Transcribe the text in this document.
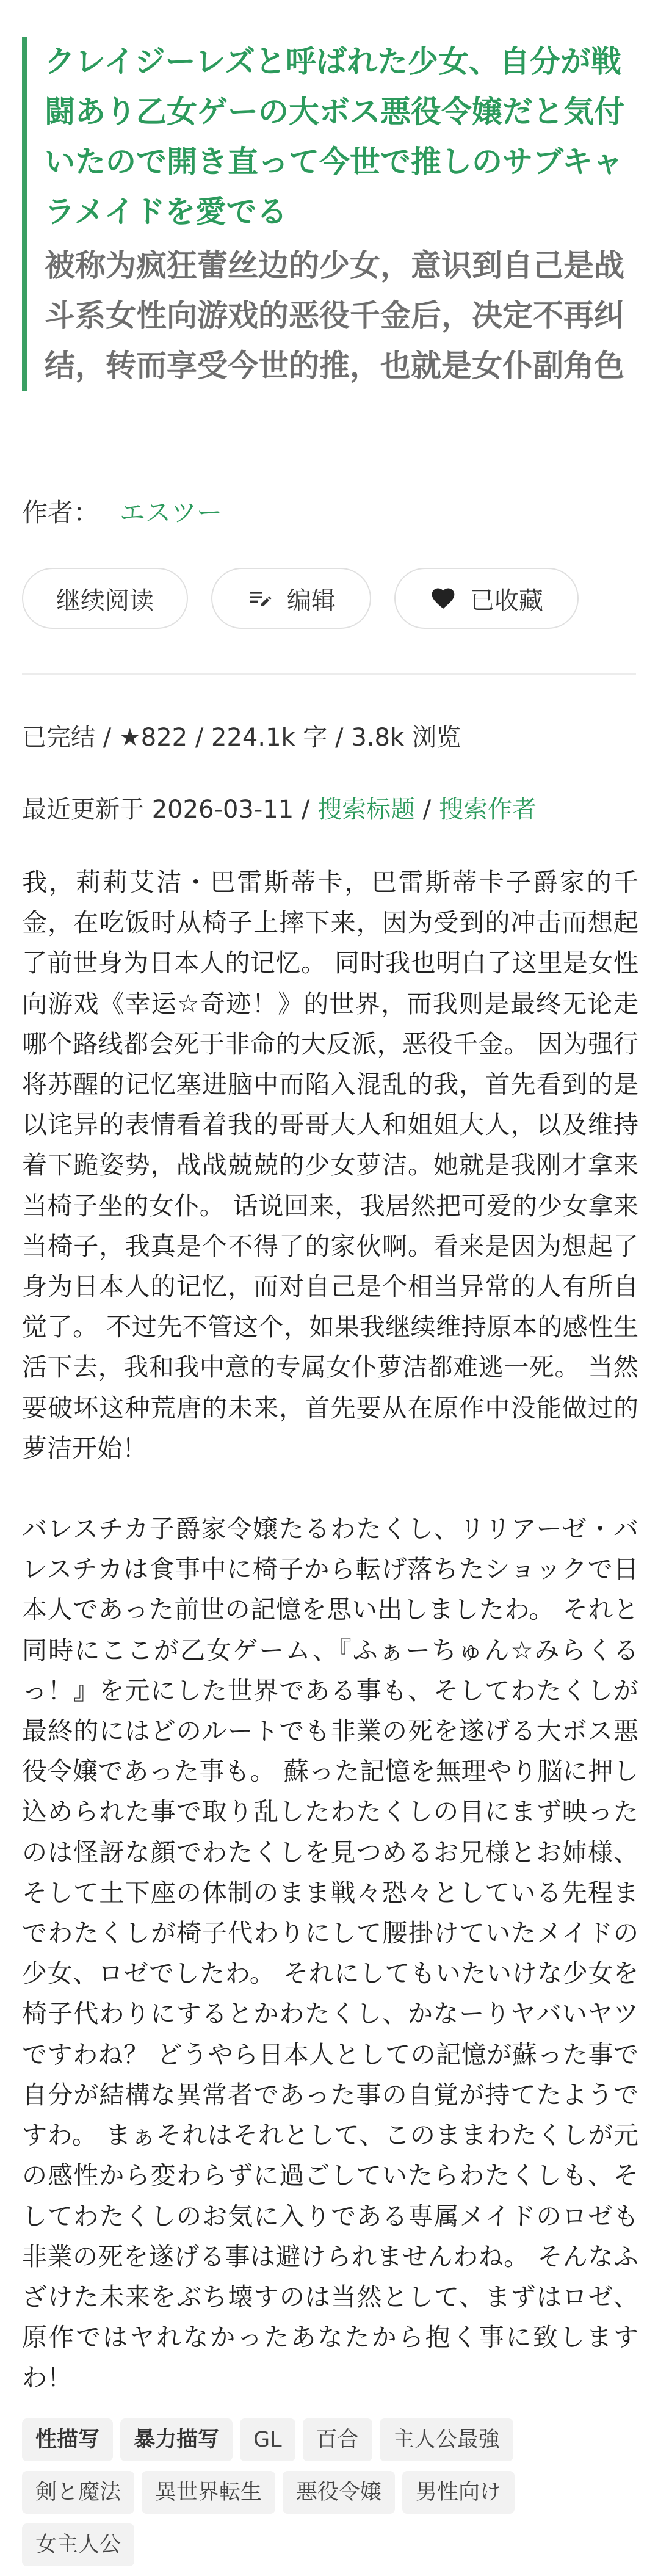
クレイジーレズと呼ばれた少女、自分が戦闘あり乙女ゲーの大ボス悪役令嬢だと気付いたので開き直って今世で推しのサブキャラメイドを愛でる
被称为疯狂蕾丝边的少女，意识到自己是战斗系女性向游戏的恶役千金后，决定不再纠结，转而享受今世的推，也就是女仆副角色
作者： エスツー
继续阅读	编辑	已收藏
已完结 / ★822 / 224.1k 字 / 3.8k 浏览
最近更新于 2026-03-11 / 搜索标题 / 搜索作者

我，莉莉艾洁・巴雷斯蒂卡，巴雷斯蒂卡子爵家的千金，在吃饭时从椅子上摔下来，因为受到的冲击而想起了前世身为日本人的记忆。 同时我也明白了这里是女性向游戏《幸运☆奇迹！》的世界，而我则是最终无论走哪个路线都会死于非命的大反派，恶役千金。 因为强行将苏醒的记忆塞进脑中而陷入混乱的我，首先看到的是以诧异的表情看着我的哥哥大人和姐姐大人，以及维持着下跪姿势，战战兢兢的少女萝洁。她就是我刚才拿来当椅子坐的女仆。 话说回来，我居然把可爱的少女拿来当椅子，我真是个不得了的家伙啊。看来是因为想起了身为日本人的记忆，而对自己是个相当异常的人有所自觉了。 不过先不管这个，如果我继续维持原本的感性生活下去，我和我中意的专属女仆萝洁都难逃一死。 当然要破坏这种荒唐的未来，首先要从在原作中没能做过的萝洁开始！

バレスチカ子爵家令嬢たるわたくし、リリアーゼ・バレスチカは食事中に椅子から転げ落ちたショックで日本人であった前世の記憶を思い出しましたわ。 それと同時にここが乙女ゲーム、『ふぁーちゅん☆みらくるっ！』を元にした世界である事も、そしてわたくしが最終的にはどのルートでも非業の死を遂げる大ボス悪役令嬢であった事も。 蘇った記憶を無理やり脳に押し込められた事で取り乱したわたくしの目にまず映ったのは怪訝な顔でわたくしを見つめるお兄様とお姉様、そして土下座の体制のまま戦々恐々としている先程までわたくしが椅子代わりにして腰掛けていたメイドの少女、ロゼでしたわ。 それにしてもいたいけな少女を椅子代わりにするとかわたくし、かなーりヤバいヤツですわね？ どうやら日本人としての記憶が蘇った事で自分が結構な異常者であった事の自覚が持てたようですわ。 まぁそれはそれとして、このままわたくしが元の感性から変わらずに過ごしていたらわたくしも、そしてわたくしのお気に入りである専属メイドのロゼも非業の死を遂げる事は避けられませんわね。 そんなふざけた未来をぶち壊すのは当然として、まずはロゼ、原作ではヤれなかったあなたから抱く事に致しますわ！

性描写 暴力描写 GL 百合 主人公最強剣と魔法 異世界転生 悪役令嬢 男性向け女主人公
